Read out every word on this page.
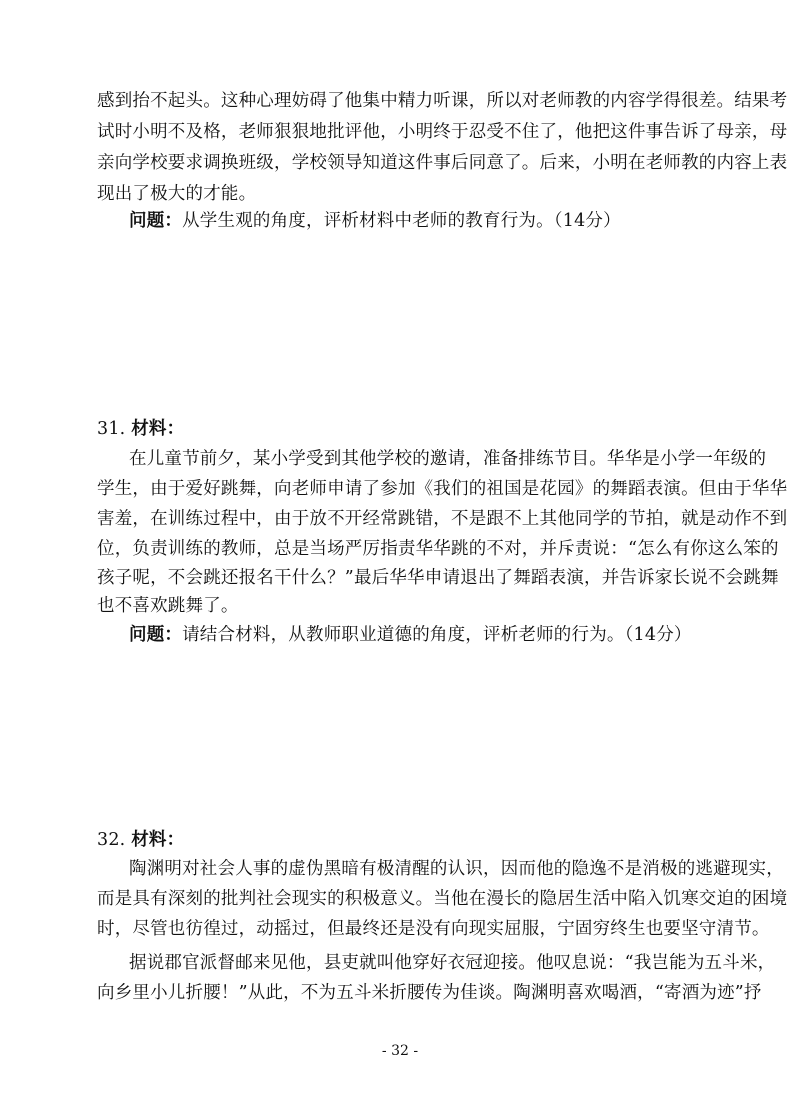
感到抬不起头。这种心理妨碍了他集中精力听课，所以对老师教的内容学得很差。结果考
试时小明不及格，老师狠狠地批评他，小明终于忍受不住了，他把这件事告诉了母亲，母
亲向学校要求调换班级，学校领导知道这件事后同意了。后来，小明在老师教的内容上表
现出了极大的才能。
问题：从学生观的角度，评析材料中老师的教育行为。（14分）
31. 材料：
在儿童节前夕，某小学受到其他学校的邀请，准备排练节目。华华是小学一年级的
学生，由于爱好跳舞，向老师申请了参加《我们的祖国是花园》的舞蹈表演。但由于华华
害羞，在训练过程中，由于放不开经常跳错，不是跟不上其他同学的节拍，就是动作不到
位，负责训练的教师，总是当场严厉指责华华跳的不对，并斥责说：“怎么有你这么笨的
孩子呢，不会跳还报名干什么？”最后华华申请退出了舞蹈表演，并告诉家长说不会跳舞
也不喜欢跳舞了。
问题：请结合材料，从教师职业道德的角度，评析老师的行为。（14分）
32. 材料：
陶渊明对社会人事的虚伪黑暗有极清醒的认识，因而他的隐逸不是消极的逃避现实，
而是具有深刻的批判社会现实的积极意义。当他在漫长的隐居生活中陷入饥寒交迫的困境
时，尽管也彷徨过，动摇过，但最终还是没有向现实屈服，宁固穷终生也要坚守清节。
据说郡官派督邮来见他，县吏就叫他穿好衣冠迎接。他叹息说：“我岂能为五斗米，
向乡里小儿折腰！”从此，不为五斗米折腰传为佳谈。陶渊明喜欢喝酒，“寄酒为迹”抒
- 32 -
